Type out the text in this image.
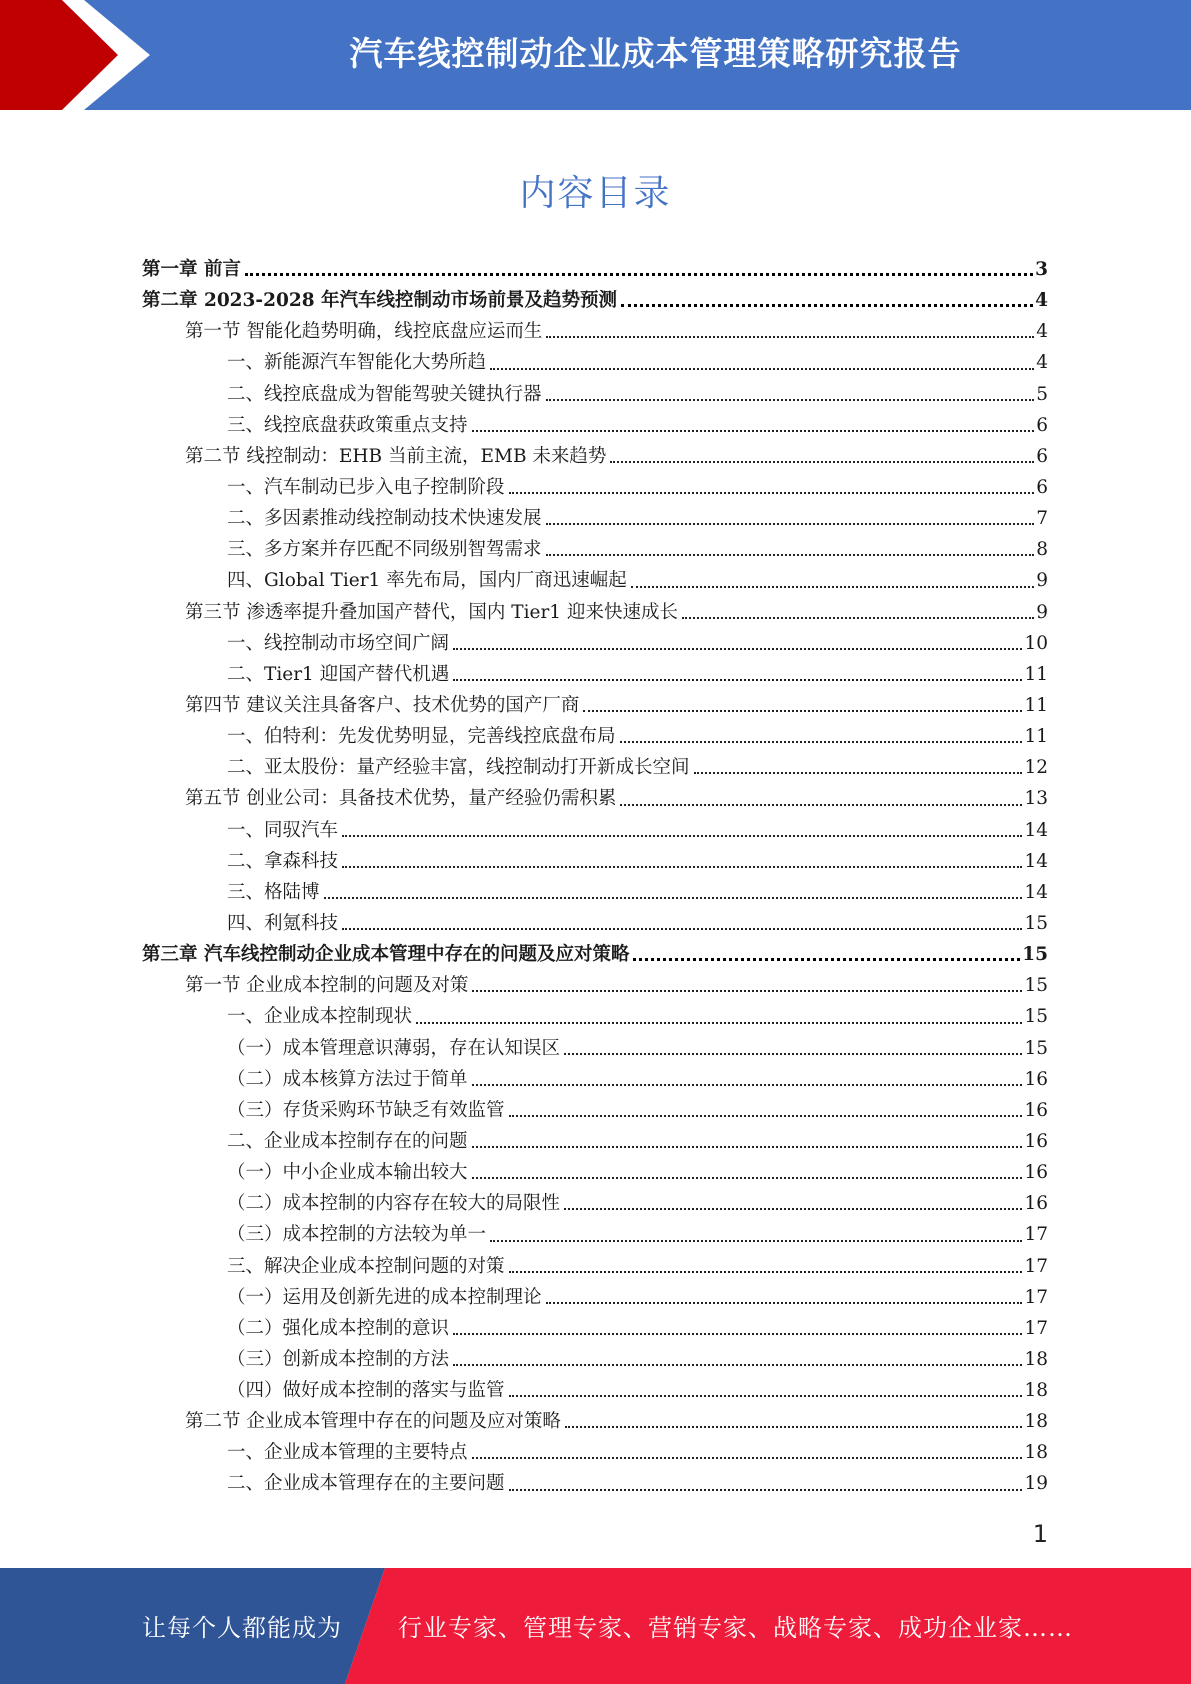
汽车线控制动企业成本管理策略研究报告
内容目录
第一章 前言	3
第二章 2023-2028 年汽车线控制动市场前景及趋势预测	4
第一节 智能化趋势明确，线控底盘应运而生	4
一、新能源汽车智能化大势所趋	4
二、线控底盘成为智能驾驶关键执行器	5
三、线控底盘获政策重点支持	6
第二节 线控制动：EHB 当前主流，EMB 未来趋势	6
一、汽车制动已步入电子控制阶段	6
二、多因素推动线控制动技术快速发展	7
三、多方案并存匹配不同级别智驾需求	8
四、Global Tier1 率先布局，国内厂商迅速崛起	9
第三节 渗透率提升叠加国产替代，国内 Tier1 迎来快速成长	9
一、线控制动市场空间广阔	10
二、Tier1 迎国产替代机遇	11
第四节 建议关注具备客户、技术优势的国产厂商	11
一、伯特利：先发优势明显，完善线控底盘布局	11
二、亚太股份：量产经验丰富，线控制动打开新成长空间	12
第五节 创业公司：具备技术优势，量产经验仍需积累	13
一、同驭汽车	14
二、拿森科技	14
三、格陆博	14
四、利氪科技	15
第三章 汽车线控制动企业成本管理中存在的问题及应对策略	15
第一节 企业成本控制的问题及对策	15
一、企业成本控制现状	15
（一）成本管理意识薄弱，存在认知误区	15
（二）成本核算方法过于简单	16
（三）存货采购环节缺乏有效监管	16
二、企业成本控制存在的问题	16
（一）中小企业成本输出较大	16
（二）成本控制的内容存在较大的局限性	16
（三）成本控制的方法较为单一	17
三、解决企业成本控制问题的对策	17
（一）运用及创新先进的成本控制理论	17
（二）强化成本控制的意识	17
（三）创新成本控制的方法	18
（四）做好成本控制的落实与监管	18
第二节 企业成本管理中存在的问题及应对策略	18
一、企业成本管理的主要特点	18
二、企业成本管理存在的主要问题	19
1
让每个人都能成为 行业专家、管理专家、营销专家、战略专家、成功企业家……
